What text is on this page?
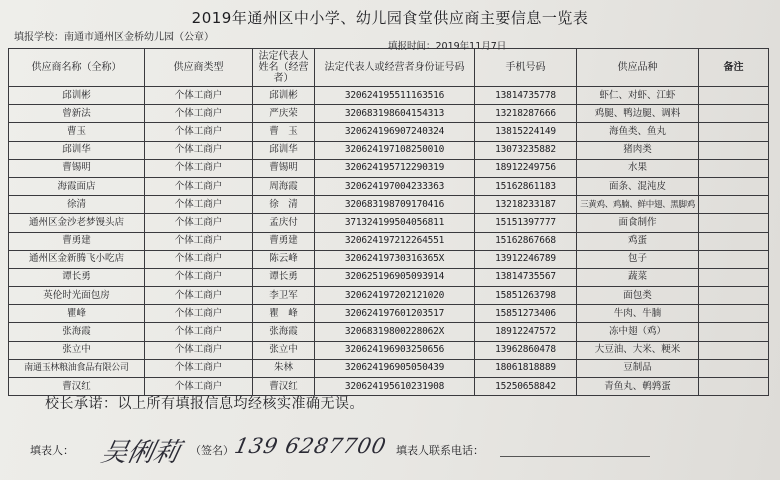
2019年通州区中小学、幼儿园食堂供应商主要信息一览表
填报学校：南通市通州区金桥幼儿园（公章）
填报时间：2019年11月7日
供应商名称（全称）	供应商类型	法定代表人姓名（经营者）	法定代表人或经营者身份证号码	手机号码	供应品种	备注
邱训彬	个体工商户	邱训彬	320624195511163516	13814735778	虾仁、对虾、江虾	
曾新法	个体工商户	严庆荣	320683198604154313	13218287666	鸡腿、鸭边腿、调料	
曹玉	个体工商户	曹　玉	320624196907240324	13815224149	海鱼类、鱼丸	
邱训华	个体工商户	邱训华	320624197108250010	13073235882	猪肉类	
曹锡明	个体工商户	曹锡明	320624195712290319	18912249756	水果	
海霞面店	个体工商户	周海霞	320624197004233363	15162861183	面条、混沌皮	
徐清	个体工商户	徐　清	320683198709170416	13218233187	三黄鸡、鸡腩、鲜中翅、黑脚鸡	
通州区金沙老梦馒头店	个体工商户	孟庆付	371324199504056811	15151397777	面食制作	
曹勇建	个体工商户	曹勇建	320624197212264551	15162867668	鸡蛋	
通州区金新腾飞小吃店	个体工商户	陈云峰	32062419730316365X	13912246789	包子	
谭长勇	个体工商户	谭长勇	320625196905093914	13814735567	蔬菜	
英伦时光面包房	个体工商户	李卫军	320624197202121020	15851263798	面包类	
瞿峰	个体工商户	瞿　峰	320624197601203517	15851273406	牛肉、牛腩	
张海霞	个体工商户	张海霞	32068319800228062X	18912247572	冻中翅（鸡）	
张立中	个体工商户	张立中	320624196903250656	13962860478	大豆油、大米、粳米	
南通玉林粮油食品有限公司	个体工商户	朱林	320624196905050439	18061818889	豆制品	
曹汉红	个体工商户	曹汉红	320624195610231908	15250658842	青鱼丸、鹌鹑蛋	
校长承诺：以上所有填报信息均经核实准确无误。
填表人： 吴俐莉 （签名）
139 6287700 填表人联系电话：
